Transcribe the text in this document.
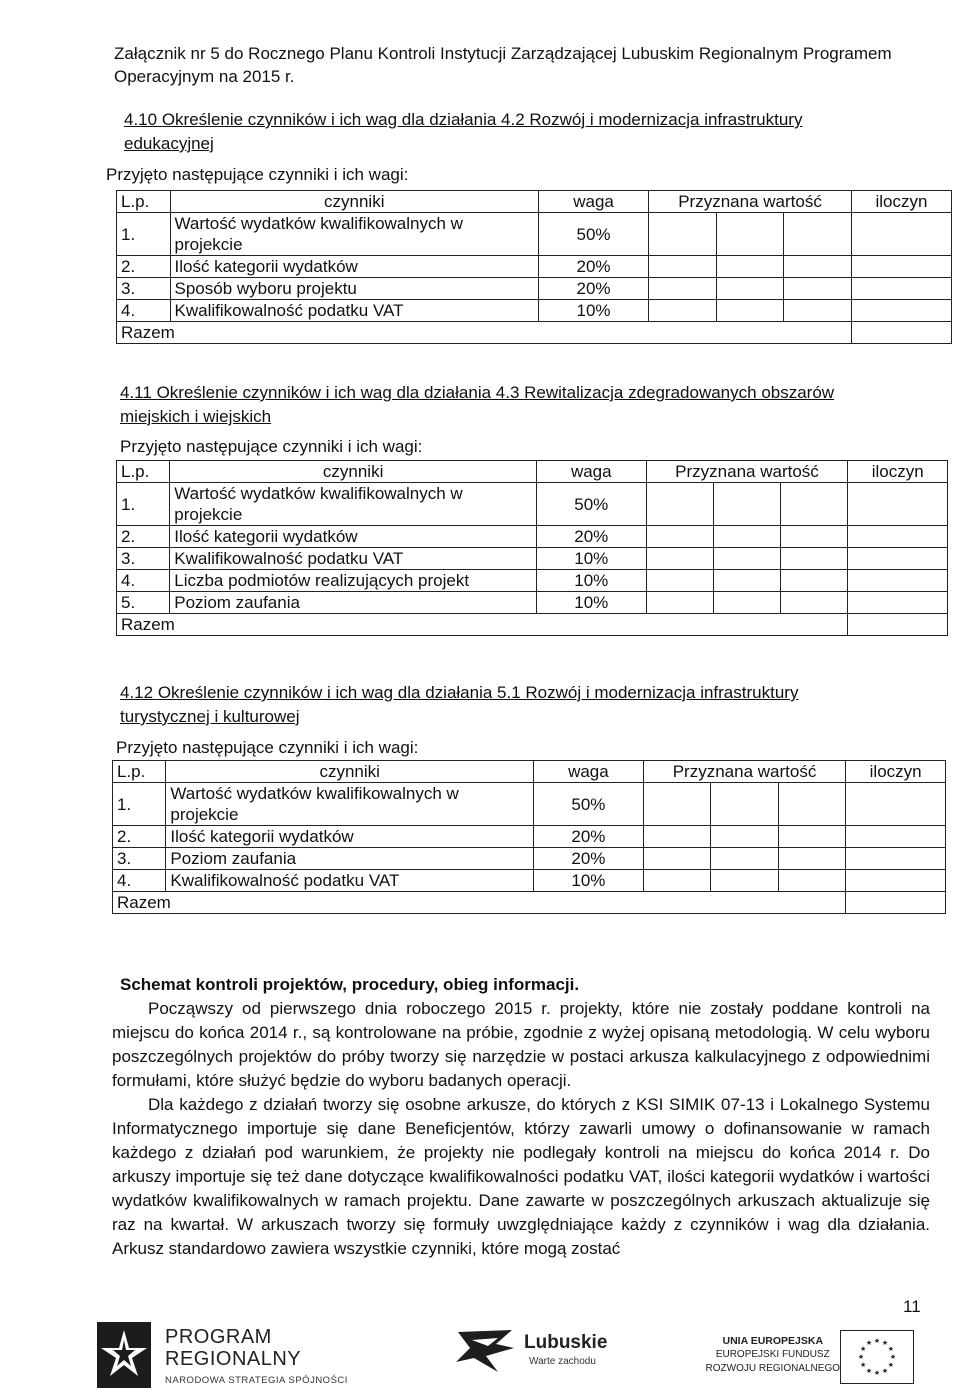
Załącznik nr 5 do Rocznego Planu Kontroli Instytucji Zarządzającej Lubuskim Regionalnym Programem Operacyjnym na 2015 r.
4.10 Określenie czynników i ich wag dla działania 4.2 Rozwój i modernizacja infrastruktury edukacyjnej
Przyjęto następujące czynniki i ich wagi:
L.p.	czynniki	waga	Przyznana wartość			iloczyn
1.	Wartość wydatków kwalifikowalnych w projekcie	50%				
2.	Ilość kategorii wydatków	20%				
3.	Sposób wyboru projektu	20%				
4.	Kwalifikowalność podatku VAT	10%				
Razem						
4.11 Określenie czynników i ich wag dla działania 4.3 Rewitalizacja zdegradowanych obszarów miejskich i wiejskich
Przyjęto następujące czynniki i ich wagi:
L.p.	czynniki	waga	Przyznana wartość			iloczyn
1.	Wartość wydatków kwalifikowalnych w projekcie	50%				
2.	Ilość kategorii wydatków	20%				
3.	Kwalifikowalność podatku VAT	10%				
4.	Liczba podmiotów realizujących projekt	10%				
5.	Poziom zaufania	10%				
Razem						
4.12 Określenie czynników i ich wag dla działania 5.1 Rozwój i modernizacja infrastruktury turystycznej i kulturowej
Przyjęto następujące czynniki i ich wagi:
L.p.	czynniki	waga	Przyznana wartość			iloczyn
1.	Wartość wydatków kwalifikowalnych w projekcie	50%				
2.	Ilość kategorii wydatków	20%				
3.	Poziom zaufania	20%				
4.	Kwalifikowalność podatku VAT	10%				
Razem						
Schemat kontroli projektów, procedury, obieg informacji.

Począwszy od pierwszego dnia roboczego 2015 r. projekty, które nie zostały poddane kontroli na miejscu do końca 2014 r., są kontrolowane na próbie, zgodnie z wyżej opisaną metodologią. W celu wyboru poszczególnych projektów do próby tworzy się narzędzie w postaci arkusza kalkulacyjnego z odpowiednimi formułami, które służyć będzie do wyboru badanych operacji.

Dla każdego z działań tworzy się osobne arkusze, do których z KSI SIMIK 07-13 i Lokalnego Systemu Informatycznego importuje się dane Beneficjentów, którzy zawarli umowy o dofinansowanie w ramach każdego z działań pod warunkiem, że projekty nie podlegały kontroli na miejscu do końca 2014 r. Do arkuszy importuje się też dane dotyczące kwalifikowalności podatku VAT, ilości kategorii wydatków i wartości wydatków kwalifikowalnych w ramach projektu. Dane zawarte w poszczególnych arkuszach aktualizuje się raz na kwartał. W arkuszach tworzy się formuły uwzględniające każdy z czynników i wag dla działania. Arkusz standardowo zawiera wszystkie czynniki, które mogą zostać

11
PROGRAM
REGIONALNY
NARODOWA STRATEGIA SPÓJNOŚCI
Lubuskie
Warte zachodu
UNIA EUROPEJSKA
EUROPEJSKI FUNDUSZ
ROZWOJU REGIONALNEGO
★
★
★
★
★
★
★
★
★ ★ ★
★
